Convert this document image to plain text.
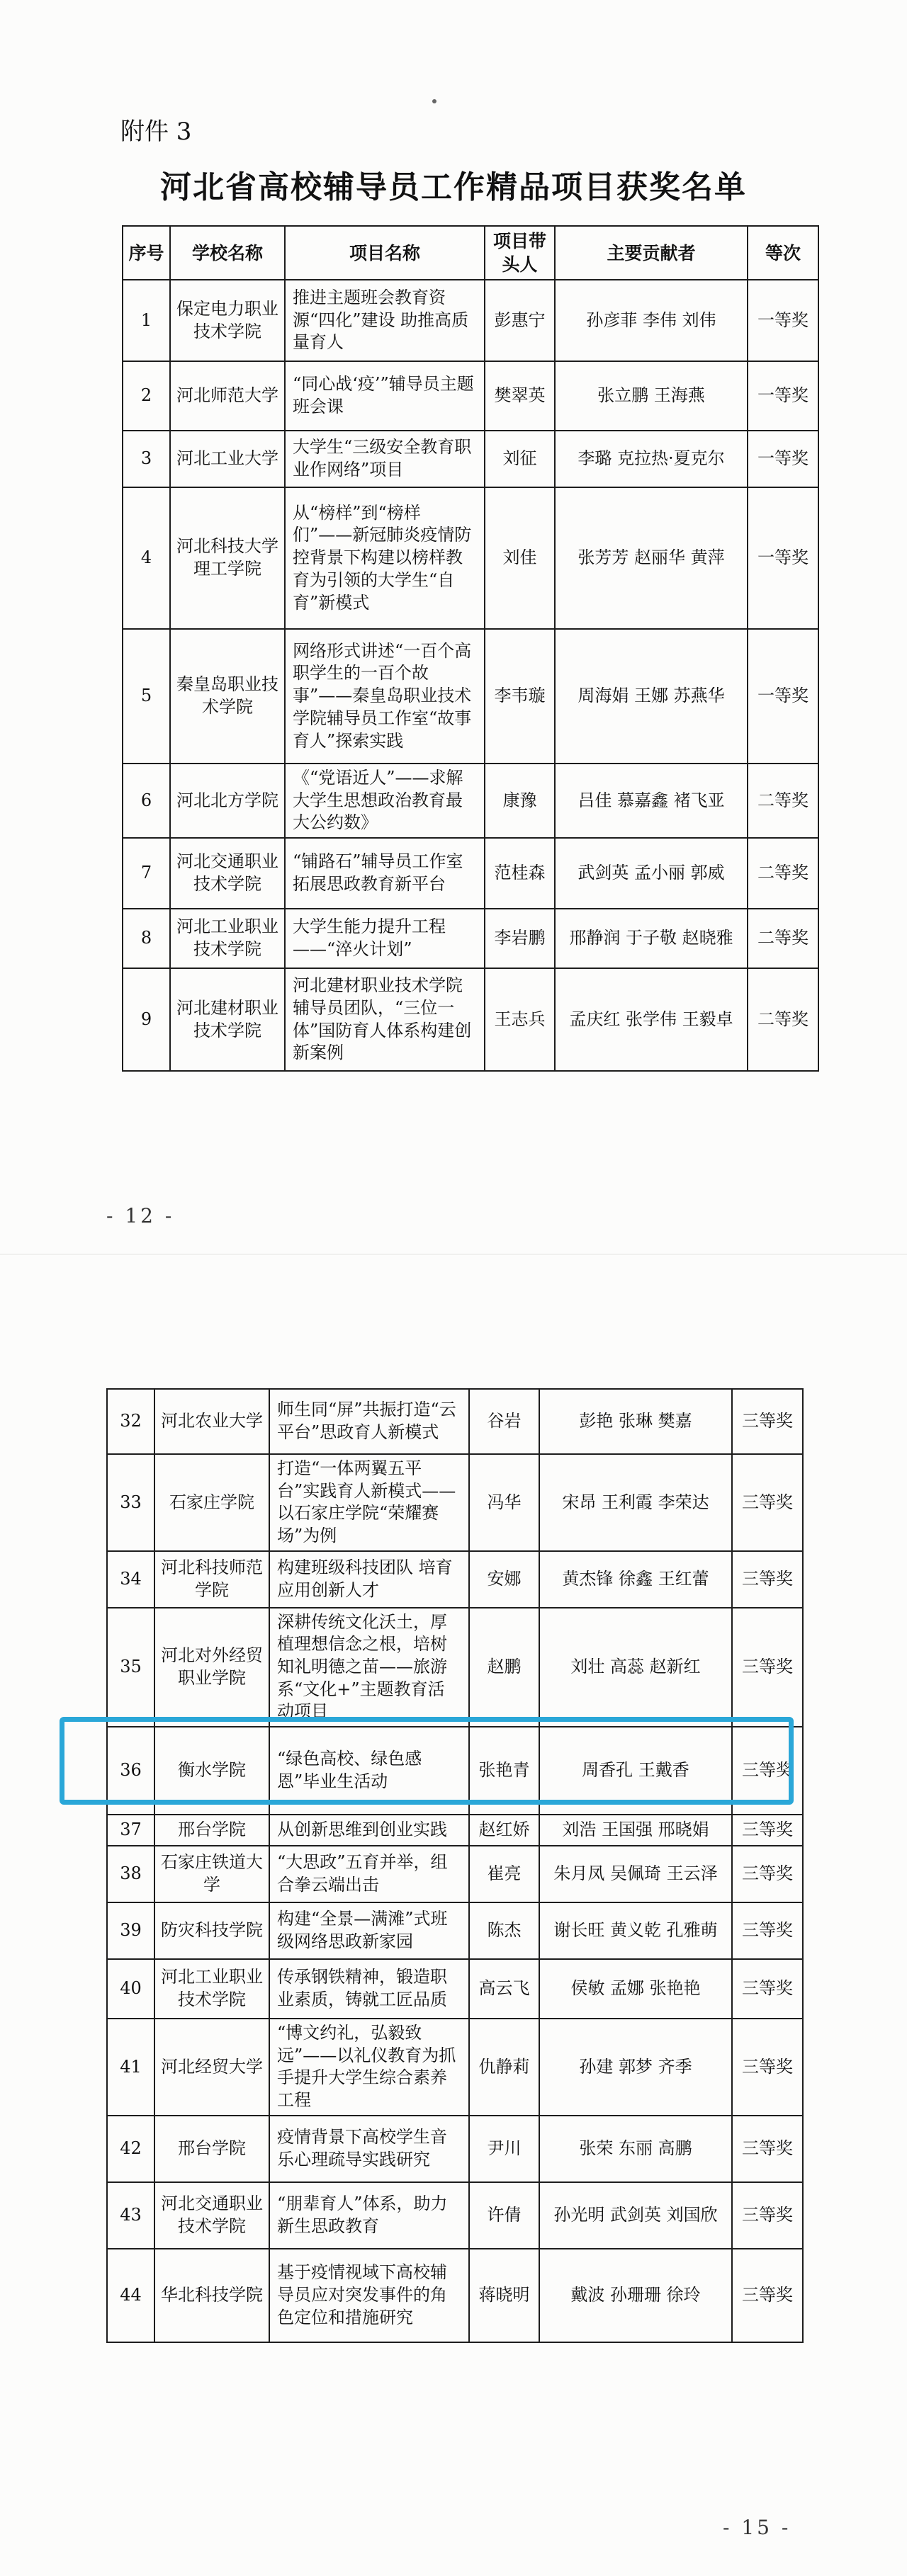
附件 3
河北省高校辅导员工作精品项目获奖名单
序号	学校名称	项目名称	项目带头人	主要贡献者	等次
1	保定电力职业技术学院	推进主题班会教育资源“四化”建设 助推高质量育人	彭惠宁	孙彦菲 李伟 刘伟	一等奖
2	河北师范大学	“同心战‘疫’”辅导员主题班会课	樊翠英	张立鹏 王海燕	一等奖
3	河北工业大学	大学生“三级安全教育职业作网络”项目	刘征	李璐 克拉热·夏克尔	一等奖
4	河北科技大学理工学院	从“榜样”到“榜样们”——新冠肺炎疫情防控背景下构建以榜样教育为引领的大学生“自育”新模式	刘佳	张芳芳 赵丽华 黄萍	一等奖
5	秦皇岛职业技术学院	网络形式讲述“一百个高职学生的一百个故事”——秦皇岛职业技术学院辅导员工作室“故事育人”探索实践	李韦璇	周海娟 王娜 苏燕华	一等奖
6	河北北方学院	《“党语近人”——求解大学生思想政治教育最大公约数》	康豫	吕佳 慕嘉鑫 褚飞亚	二等奖
7	河北交通职业技术学院	“铺路石”辅导员工作室拓展思政教育新平台	范桂森	武剑英 孟小丽 郭威	二等奖
8	河北工业职业技术学院	大学生能力提升工程——“淬火计划”	李岩鹏	邢静润 于子敬 赵晓雅	二等奖
9	河北建材职业技术学院	河北建材职业技术学院辅导员团队，“三位一体”国防育人体系构建创新案例	王志兵	孟庆红 张学伟 王毅卓	二等奖
- 12 -
32	河北农业大学	师生同“屏”共振打造“云平台”思政育人新模式	谷岩	彭艳 张琳 樊嘉	三等奖
33	石家庄学院	打造“一体两翼五平台”实践育人新模式——以石家庄学院“荣耀赛场”为例	冯华	宋昂 王利霞 李荣达	三等奖
34	河北科技师范学院	构建班级科技团队 培育应用创新人才	安娜	黄杰锋 徐鑫 王红蕾	三等奖
35	河北对外经贸职业学院	深耕传统文化沃土，厚植理想信念之根，培树知礼明德之苗——旅游系“文化+”主题教育活动项目	赵鹏	刘壮 高蕊 赵新红	三等奖
36	衡水学院	“绿色高校、绿色感恩”毕业生活动	张艳青	周香孔 王戴香	三等奖
37	邢台学院	从创新思维到创业实践	赵红娇	刘浩 王国强 邢晓娟	三等奖
38	石家庄铁道大学	“大思政”五育并举，组合拳云端出击	崔亮	朱月凤 吴佩琦 王云泽	三等奖
39	防灾科技学院	构建“全景—满滩”式班级网络思政新家园	陈杰	谢长旺 黄义乾 孔雅萌	三等奖
40	河北工业职业技术学院	传承钢铁精神，锻造职业素质，铸就工匠品质	高云飞	侯敏 孟娜 张艳艳	三等奖
41	河北经贸大学	“博文约礼，弘毅致远”——以礼仪教育为抓手提升大学生综合素养工程	仇静莉	孙建 郭梦 齐季	三等奖
42	邢台学院	疫情背景下高校学生音乐心理疏导实践研究	尹川	张荣 东丽 高鹏	三等奖
43	河北交通职业技术学院	“朋辈育人”体系，助力新生思政教育	许倩	孙光明 武剑英 刘国欣	三等奖
44	华北科技学院	基于疫情视域下高校辅导员应对突发事件的角色定位和措施研究	蒋晓明	戴波 孙珊珊 徐玲	三等奖
- 15 -
